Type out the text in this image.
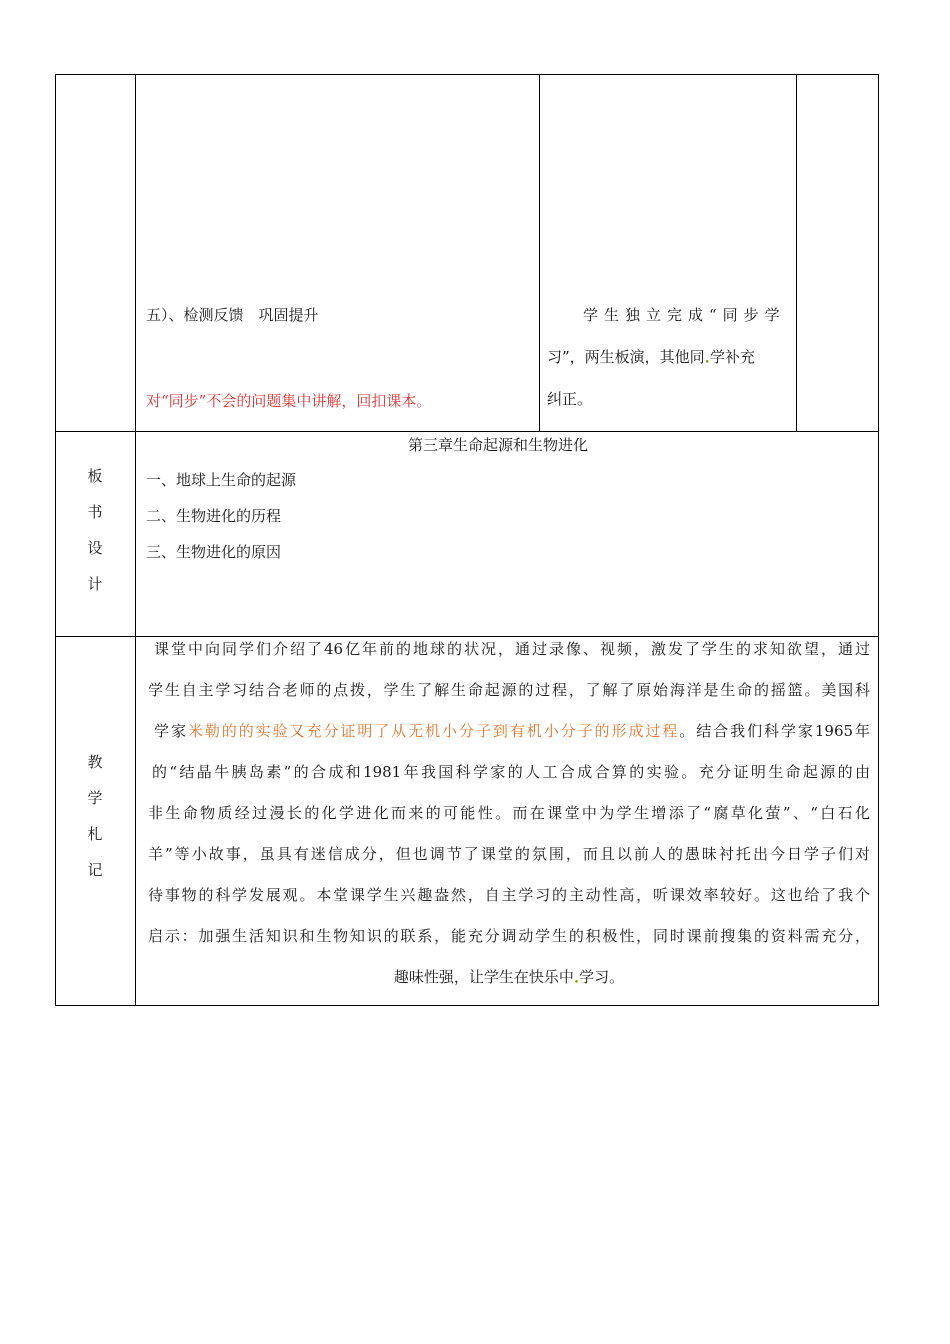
五）、检测反馈　巩固提升
对“同步”不会的问题集中讲解，回扣课本。
学生独立完成“同步学
习”，两生板演，其他同$_•$学补充
纠正。
板
书
设
计
第三章生命起源和生物进化
一、地球上生命的起源
二、生物进化的历程
三、生物进化的原因
教
学
札
记
课堂中向同学们介绍了46亿年前的地球的状况，通过录像、视频，激发了学生的求知欲望，通过
学生自主学习结合老师的点拨，学生了解生命起源的过程，了解了原始海洋是生命的摇篮。美国科
学家米勒的的实验又充分证明了从无机小分子到有机小分子的形成过程。结合我们科学家1965年
的“结晶牛胰岛素”的合成和1981年我国科学家的人工合成合算的实验。充分证明生命起源的由
非生命物质经过漫长的化学进化而来的可能性。而在课堂中为学生增添了“腐草化萤”、“白石化
羊”等小故事，虽具有迷信成分，但也调节了课堂的氛围，而且以前人的愚昧衬托出今日学子们对
待事物的科学发展观。本堂课学生兴趣盎然，自主学习的主动性高，听课效率较好。这也给了我个
启示：加强生活知识和生物知识的联系，能充分调动学生的积极性，同时课前搜集的资料需充分，
趣味性强，让学生在快乐中$_•$学习。
